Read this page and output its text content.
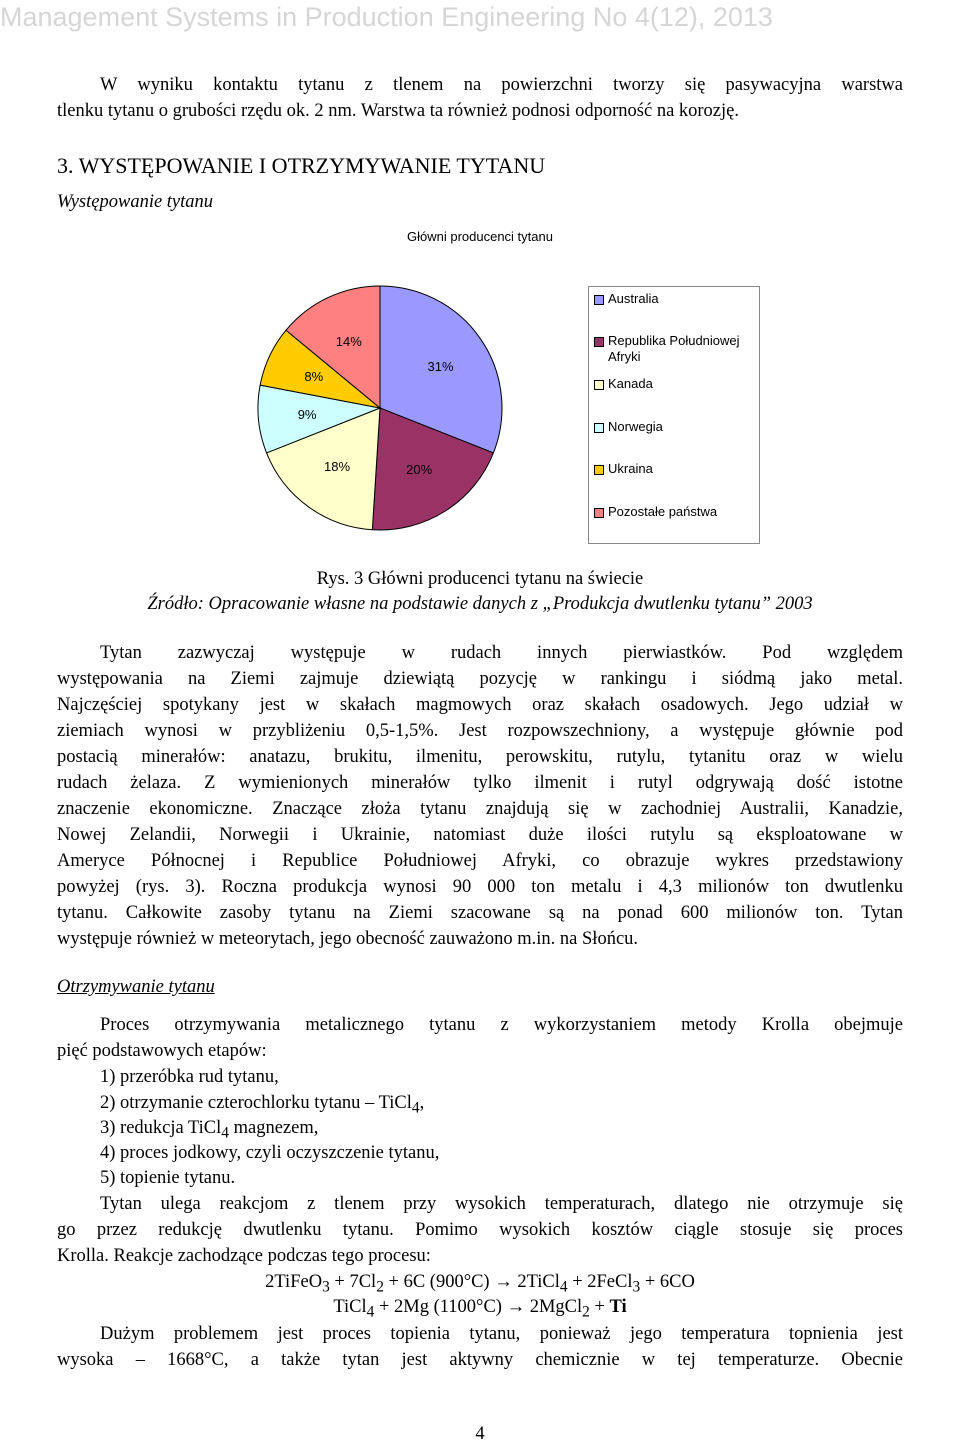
Management Systems in Production Engineering No 4(12), 2013
W wyniku kontaktu tytanu z tlenem na powierzchni tworzy się pasywacyjna warstwa
tlenku tytanu o grubości rzędu ok. 2 nm. Warstwa ta również podnosi odporność na korozję.
3. WYSTĘPOWANIE I OTRZYMYWANIE TYTANU
Występowanie tytanu
Główni producenci tytanu
31%
20%
18%
9%
8%
14%
Australia
Republika Południowej Afryki
Kanada
Norwegia
Ukraina
Pozostałe państwa
Rys. 3 Główni producenci tytanu na świecie
Źródło: Opracowanie własne na podstawie danych z „Produkcja dwutlenku tytanu” 2003
Tytan zazwyczaj występuje w rudach innych pierwiastków. Pod względem
występowania na Ziemi zajmuje dziewiątą pozycję w rankingu i siódmą jako metal.
Najczęściej spotykany jest w skałach magmowych oraz skałach osadowych. Jego udział w
ziemiach wynosi w przybliżeniu 0,5-1,5%. Jest rozpowszechniony, a występuje głównie pod
postacią minerałów: anatazu, brukitu, ilmenitu, perowskitu, rutylu, tytanitu oraz w wielu
rudach żelaza. Z wymienionych minerałów tylko ilmenit i rutyl odgrywają dość istotne
znaczenie ekonomiczne. Znaczące złoża tytanu znajdują się w zachodniej Australii, Kanadzie,
Nowej Zelandii, Norwegii i Ukrainie, natomiast duże ilości rutylu są eksploatowane w
Ameryce Północnej i Republice Południowej Afryki, co obrazuje wykres przedstawiony
powyżej (rys. 3). Roczna produkcja wynosi 90 000 ton metalu i 4,3 milionów ton dwutlenku
tytanu. Całkowite zasoby tytanu na Ziemi szacowane są na ponad 600 milionów ton. Tytan
występuje również w meteorytach, jego obecność zauważono m.in. na Słońcu.
Otrzymywanie tytanu
Proces otrzymywania metalicznego tytanu z wykorzystaniem metody Krolla obejmuje
pięć podstawowych etapów:
1) przeróbka rud tytanu,
2) otrzymanie czterochlorku tytanu – TiCl$_4$,
3) redukcja TiCl$_4$ magnezem,
4) proces jodkowy, czyli oczyszczenie tytanu,
5) topienie tytanu.
Tytan ulega reakcjom z tlenem przy wysokich temperaturach, dlatego nie otrzymuje się
go przez redukcję dwutlenku tytanu. Pomimo wysokich kosztów ciągle stosuje się proces
Krolla. Reakcje zachodzące podczas tego procesu:
2TiFeO$_3$ + $7Cl_2 + 6C$ (900°C) → 2TiCl$_4$ + 2FeCl$_3$ + 6CO
TiCl$_4$ + 2Mg (1100°C) → 2MgCl$_2$ + Ti
Dużym problemem jest proces topienia tytanu, ponieważ jego temperatura topnienia jest
wysoka – 1668°C, a także tytan jest aktywny chemicznie w tej temperaturze. Obecnie
4
